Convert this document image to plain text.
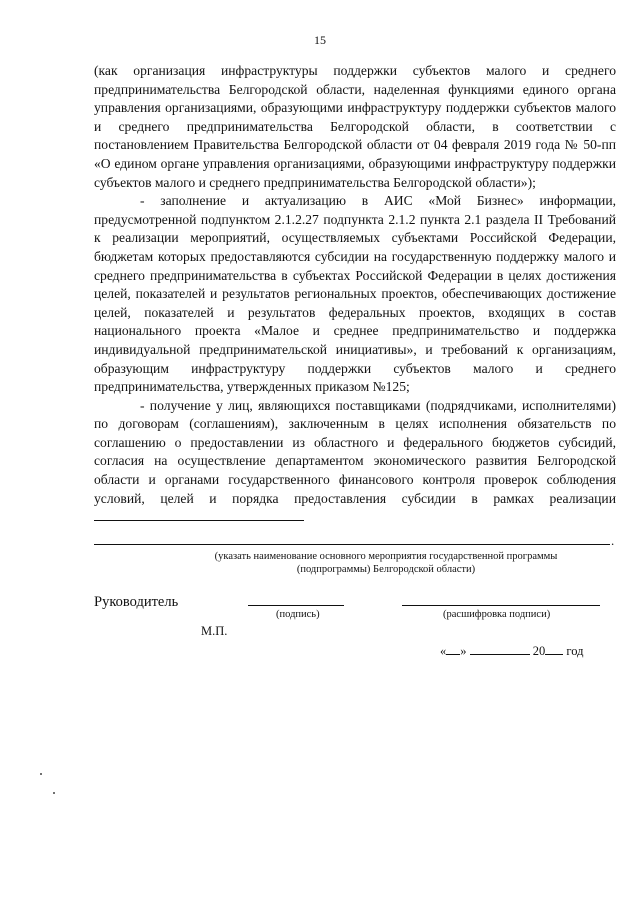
15

(как организация инфраструктуры поддержки субъектов малого и среднего предпринимательства Белгородской области, наделенная функциями единого органа управления организациями, образующими инфраструктуру поддержки субъектов малого и среднего предпринимательства Белгородской области, в соответствии с постановлением Правительства Белгородской области от 04 февраля 2019 года № 50-пп «О едином органе управления организациями, образующими инфраструктуру поддержки субъектов малого и среднего предпринимательства Белгородской области»);

- заполнение и актуализацию в АИС «Мой Бизнес» информации, предусмотренной подпунктом 2.1.2.27 подпункта 2.1.2 пункта 2.1 раздела II Требований к реализации мероприятий, осуществляемых субъектами Российской Федерации, бюджетам которых предоставляются субсидии на государственную поддержку малого и среднего предпринимательства в субъектах Российской Федерации в целях достижения целей, показателей и результатов региональных проектов, обеспечивающих достижение целей, показателей и результатов федеральных проектов, входящих в состав национального проекта «Малое и среднее предпринимательство и поддержка индивидуальной предпринимательской инициативы», и требований к организациям, образующим инфраструктуру поддержки субъектов малого и среднего предпринимательства, утвержденных приказом №125;

- получение у лиц, являющихся поставщиками (подрядчиками, исполнителями) по договорам (соглашениям), заключенным в целях исполнения обязательств по соглашению о предоставлении из областного и федерального бюджетов субсидий, согласия на осуществление департаментом экономического развития Белгородской области и органами государственного финансового контроля проверок соблюдения условий, целей и порядка предоставления субсидии в рамках реализации

.
(указать наименование основного мероприятия государственной программы
(подпрограммы) Белгородской области)
Руководитель
(подпись)	(расшифровка подписи)
М.П.
« »	20 год
